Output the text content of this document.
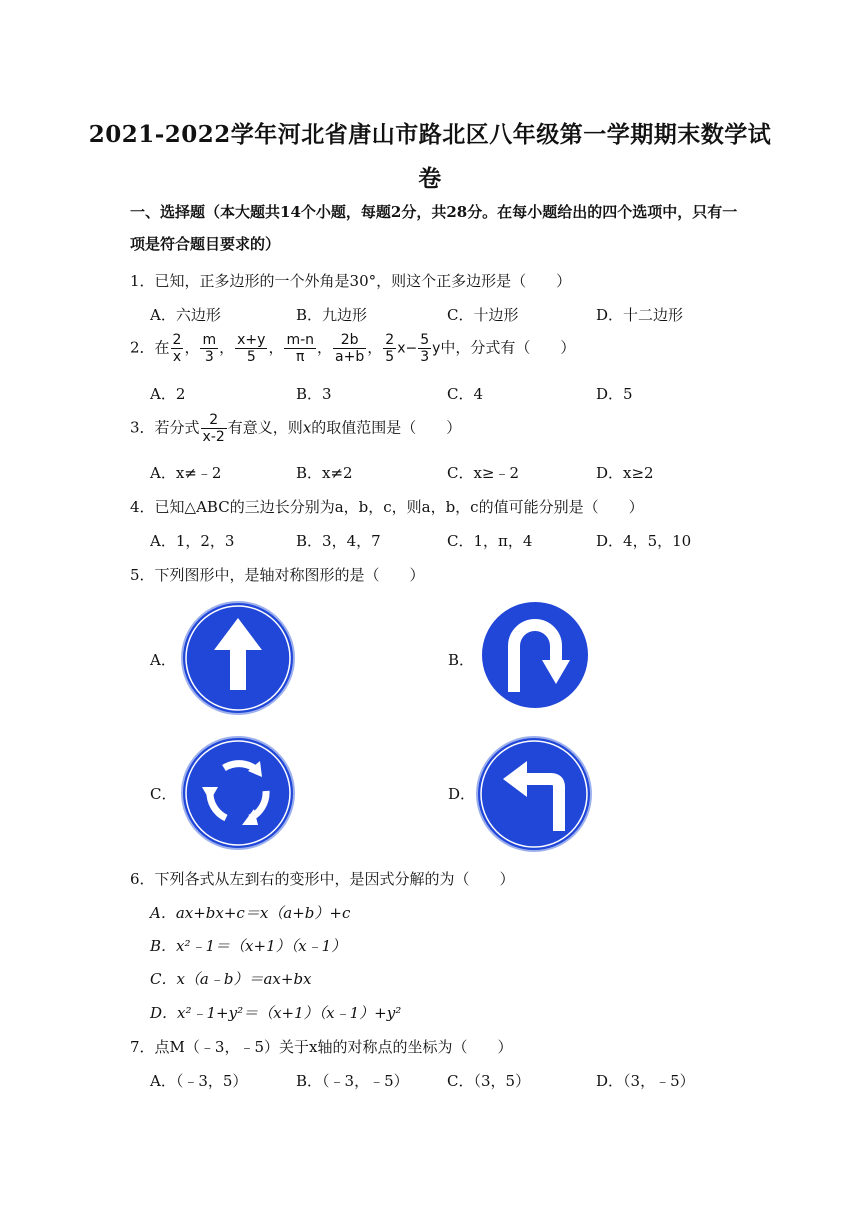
2021-2022学年河北省唐山市路北区八年级第一学期期末数学试
卷
一、选择题（本大题共14个小题，每题2分，共28分。在每小题给出的四个选项中，只有一项是符合题目要求的）
1．已知，正多边形的一个外角是30°，则这个正多边形是（　　）
A．六边形	B．九边形	C．十边形	D．十二边形
2．在 $\frac{2}{x}$ ， $\frac{m}{3}$ ， $\frac{x+y}{5}$ ， $\frac{m-n}{\pi}$ ， $\frac{2b}{a+b}$ ， $\frac{2}{5} x- \frac{5}{3}$ y中，分式有（　　）
A．2	B．3	C．4	D．5
3．若分式 $\frac{2}{x-2}$ 有意义，则x的取值范围是（　　）
A．x≠﹣2	B．x≠2	C．x≥﹣2	D．x≥2
4．已知△ABC的三边长分别为a，b，c，则a，b，c的值可能分别是（　　）
A．1，2，3	B．3，4，7	C．1，π，4	D．4，5，10
5．下列图形中，是轴对称图形的是（　　）
A．	B．
C．	D．
6．下列各式从左到右的变形中，是因式分解的为（　　）
A．ax+bx+c＝x（a+b）+c
B．x²﹣1＝（x+1）（x﹣1）
C．x（a﹣b）＝ax+bx
D．x²﹣1+y²＝（x+1）（x﹣1）+y²
7．点M（﹣3，﹣5）关于x轴的对称点的坐标为（　　）
A．（﹣3，5）	B．（﹣3，﹣5）	C．（3，5）	D．（3，﹣5）
